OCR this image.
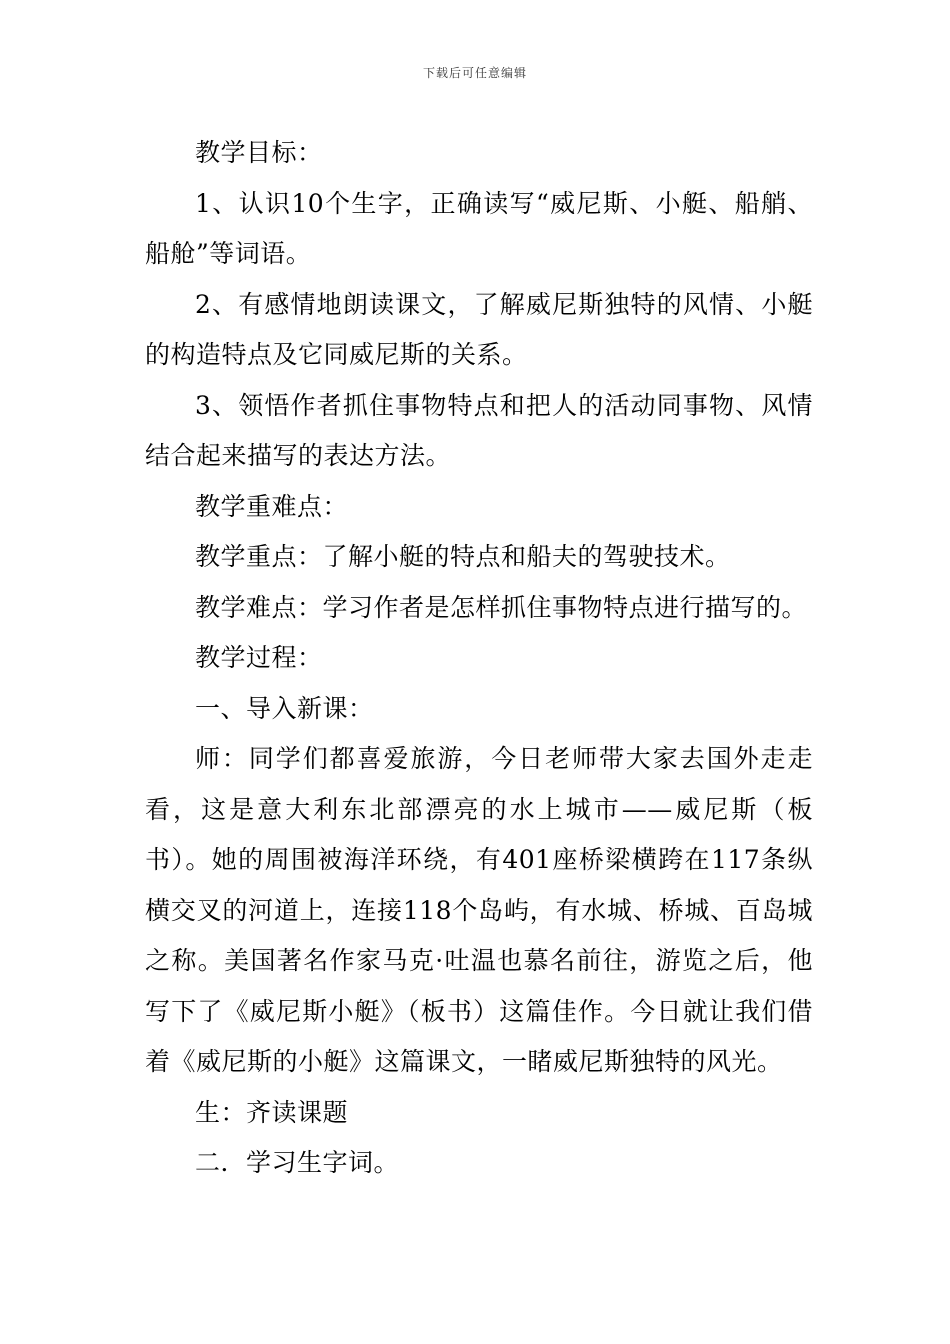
下载后可任意编辑

教学目标：

1、认识10个生字，正确读写“威尼斯、小艇、船艄、船舱”等词语。

2、有感情地朗读课文，了解威尼斯独特的风情、小艇的构造特点及它同威尼斯的关系。

3、领悟作者抓住事物特点和把人的活动同事物、风情结合起来描写的表达方法。

教学重难点：

教学重点：了解小艇的特点和船夫的驾驶技术。

教学难点：学习作者是怎样抓住事物特点进行描写的。

教学过程：

一、导入新课：

师：同学们都喜爱旅游，今日老师带大家去国外走走看，这是意大利东北部漂亮的水上城市——威尼斯（板书）。她的周围被海洋环绕，有401座桥梁横跨在117条纵横交叉的河道上，连接118个岛屿，有水城、桥城、百岛城之称。美国著名作家马克·吐温也慕名前往，游览之后，他写下了《威尼斯小艇》（板书）这篇佳作。今日就让我们借着《威尼斯的小艇》这篇课文，一睹威尼斯独特的风光。

生：齐读课题

二．学习生字词。
